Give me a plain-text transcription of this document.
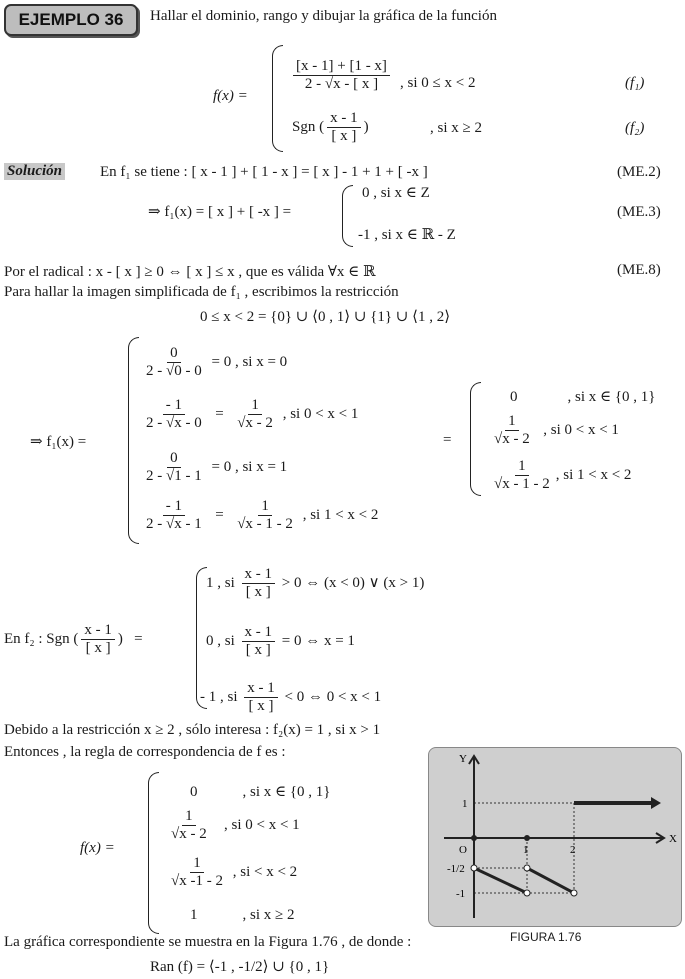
EJEMPLO 36	Hallar el dominio, rango y dibujar la gráfica de la función
f(x) =
$\frac{[x - 1] + [1 - x]}{2 - √x - [ x ]}$ , si 0 ≤ x < 2	(f₁)
Sgn ( $\frac{x - 1}{[ x ]}$ )	, si x ≥ 2	(f₂)
Solución	En f₁ se tiene : [ x - 1 ] + [ 1 - x ] = [ x ] - 1 + 1 + [ -x ]	(ME.2)
⇒ f₁(x) = [ x ] + [ -x ] =
0 , si x ∈ Z
-1 , si x ∈ ℝ - Z
(ME.3)
Por el radical : x - [ x ] ≥ 0 ⇔ [ x ] ≤ x , que es válida ∀x ∈ ℝ	(ME.8)
Para hallar la imagen simplificada de f₁ , escribimos la restricción
0 ≤ x < 2 = {0} ∪ ⟨0 , 1⟩ ∪ {1} ∪ ⟨1 , 2⟩
⇒ f₁(x) =
$\frac{0}{2 - √0 - 0} = 0$ , si x = 0
$\frac{- 1}{2 - √x - 0} = \frac{1}{√x - 2}$ , si 0 < x < 1
$\frac{0}{2 - √1 - 1} = 0$ , si x = 1
$\frac{- 1}{2 - √x - 1} = \frac{1}{√x - 1 - 2}$ , si 1 < x < 2
=
0	, si x ∈ {0 , 1}
$\frac{1}{√x - 2}$ , si 0 < x < 1
$\frac{1}{√x - 1 - 2}$ , si 1 < x < 2
En f₂ : Sgn ( $\frac{x - 1}{[ x ]}$ )   =
1 , si $\frac{x - 1}{[ x ]} > 0$ ⇔ (x < 0) ∨ (x > 1)
0 , si $\frac{x - 1}{[ x ]} = 0$ ⇔ x = 1
- 1 , si $\frac{x - 1}{[ x ]} < 0$ ⇔ 0 < x < 1
Debido a la restricción x ≥ 2 , sólo interesa : f₂(x) = 1 , si x > 1
Entonces , la regla de correspondencia de f es :
f(x) =
0	, si x ∈ {0 , 1}
$\frac{1}{√x - 2}$ , si 0 < x < 1
$\frac{1}{√x -1 - 2}$ , si < x < 2
1	, si x ≥ 2
Y
X
O	1	2
1
-1/2
-1
FIGURA 1.76
La gráfica correspondiente se muestra en la Figura 1.76 , de donde :
Ran (f) = ⟨-1 , -1/2⟩ ∪ {0 , 1}
